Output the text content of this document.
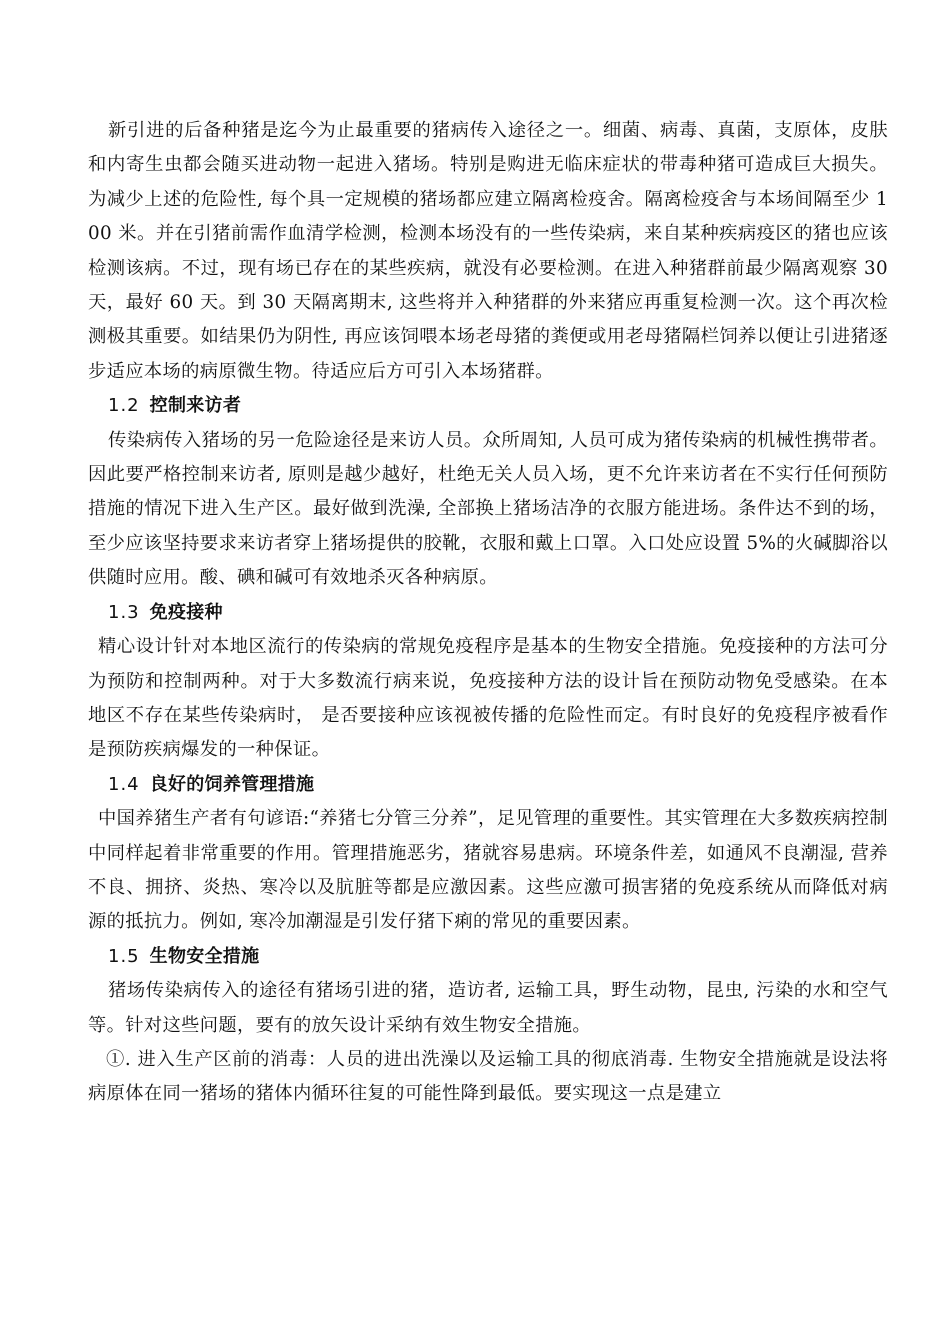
新引进的后备种猪是迄今为止最重要的猪病传入途径之一。细菌、病毒、真菌，支原体，皮肤和内寄生虫都会随买进动物一起进入猪场。特别是购进无临床症状的带毒种猪可造成巨大损失。为减少上述的危险性, 每个具一定规模的猪场都应建立隔离检疫舍。隔离检疫舍与本场间隔至少 100 米。并在引猪前需作血清学检测，检测本场没有的一些传染病，来自某种疾病疫区的猪也应该检测该病。不过，现有场已存在的某些疾病，就没有必要检测。在进入种猪群前最少隔离观察 30 天，最好 60 天。到 30 天隔离期末, 这些将并入种猪群的外来猪应再重复检测一次。这个再次检测极其重要。如结果仍为阴性, 再应该饲喂本场老母猪的粪便或用老母猪隔栏饲养以便让引进猪逐步适应本场的病原微生物。待适应后方可引入本场猪群。

1.2 控制来访者

传染病传入猪场的另一危险途径是来访人员。众所周知, 人员可成为猪传染病的机械性携带者。因此要严格控制来访者, 原则是越少越好，杜绝无关人员入场，更不允许来访者在不实行任何预防措施的情况下进入生产区。最好做到洗澡, 全部换上猪场洁净的衣服方能进场。条件达不到的场，至少应该坚持要求来访者穿上猪场提供的胶靴，衣服和戴上口罩。入口处应设置 5%的火碱脚浴以供随时应用。酸、碘和碱可有效地杀灭各种病原。

1.3 免疫接种

精心设计针对本地区流行的传染病的常规免疫程序是基本的生物安全措施。免疫接种的方法可分为预防和控制两种。对于大多数流行病来说，免疫接种方法的设计旨在预防动物免受感染。在本地区不存在某些传染病时， 是否要接种应该视被传播的危险性而定。有时良好的免疫程序被看作是预防疾病爆发的一种保证。

1.4 良好的饲养管理措施

中国养猪生产者有句谚语:“养猪七分管三分养”，足见管理的重要性。其实管理在大多数疾病控制中同样起着非常重要的作用。管理措施恶劣，猪就容易患病。环境条件差，如通风不良潮湿, 营养不良、拥挤、炎热、寒冷以及肮脏等都是应激因素。这些应激可损害猪的免疫系统从而降低对病源的抵抗力。例如, 寒冷加潮湿是引发仔猪下痢的常见的重要因素。

1.5 生物安全措施

猪场传染病传入的途径有猪场引进的猪，造访者, 运输工具，野生动物，昆虫, 污染的水和空气等。针对这些问题，要有的放矢设计采纳有效生物安全措施。

①. 进入生产区前的消毒：人员的进出洗澡以及运输工具的彻底消毒. 生物安全措施就是设法将病原体在同一猪场的猪体内循环往复的可能性降到最低。要实现这一点是建立
